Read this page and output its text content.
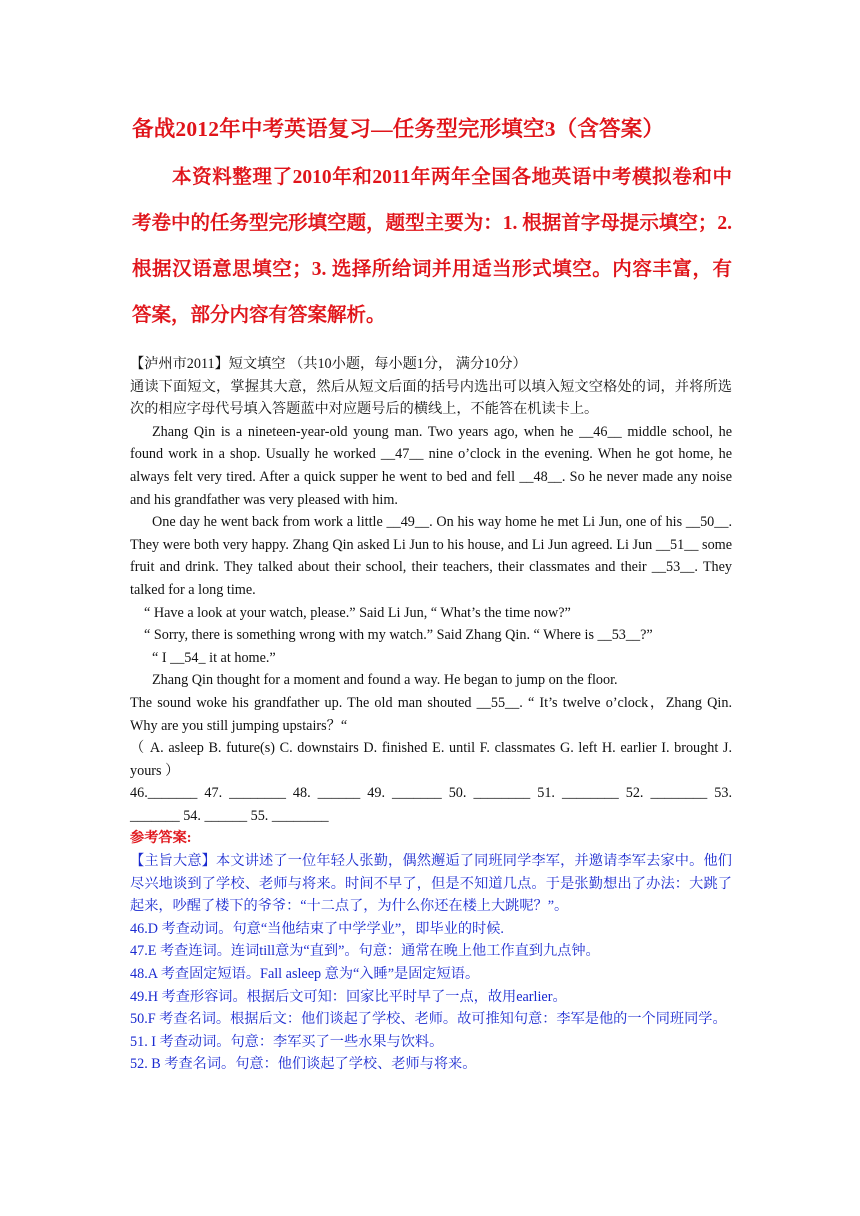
备战2012年中考英语复习—任务型完形填空3（含答案）
本资料整理了2010年和2011年两年全国各地英语中考模拟卷和中考卷中的任务型完形填空题，题型主要为：1. 根据首字母提示填空；2. 根据汉语意思填空；3. 选择所给词并用适当形式填空。内容丰富，有答案，部分内容有答案解析。

【泸州市2011】短文填空 （共10小题，每小题1分， 满分10分）

通读下面短文，掌握其大意，然后从短文后面的括号内选出可以填入短文空格处的词，并将所选次的相应字母代号填入答题蓝中对应题号后的横线上，不能答在机读卡上。

Zhang Qin is a nineteen-year-old young man. Two years ago, when he __46__ middle school, he found work in a shop. Usually he worked __47__ nine o’clock in the evening. When he got home, he always felt very tired. After a quick supper he went to bed and fell __48__. So he never made any noise and his grandfather was very pleased with him.

One day he went back from work a little __49__. On his way home he met Li Jun, one of his __50__. They were both very happy. Zhang Qin asked Li Jun to his house, and Li Jun agreed. Li Jun __51__ some fruit and drink. They talked about their school, their teachers, their classmates and their __53__. They talked for a long time.

“ Have a look at your watch, please.” Said Li Jun, “ What’s the time now?”

“ Sorry, there is something wrong with my watch.” Said Zhang Qin. “ Where is __53__?”

“ I __54_ it at home.”

Zhang Qin thought for a moment and found a way. He began to jump on the floor.

The sound woke his grandfather up. The old man shouted __55__. “ It’s twelve o’clock，Zhang Qin. Why are you still jumping upstairs？“

（ A. asleep B. future(s) C. downstairs D. finished E. until F. classmates G. left H. earlier I. brought J. yours ）

46._______ 47. ________ 48. ______ 49. _______ 50. ________ 51. ________ 52. ________ 53. _______ 54. ______ 55. ________

参考答案:

【主旨大意】本文讲述了一位年轻人张勤，偶然邂逅了同班同学李军，并邀请李军去家中。他们尽兴地谈到了学校、老师与将来。时间不早了，但是不知道几点。于是张勤想出了办法：大跳了起来，吵醒了楼下的爷爷：“十二点了，为什么你还在楼上大跳呢？”。

46.D 考查动词。句意“当他结束了中学学业”，即毕业的时候.

47.E 考查连词。连词till意为“直到”。句意：通常在晚上他工作直到九点钟。

48.A 考查固定短语。Fall asleep 意为“入睡”是固定短语。

49.H 考查形容词。根据后文可知：回家比平时早了一点，故用earlier。

50.F 考查名词。根据后文：他们谈起了学校、老师。故可推知句意：李军是他的一个同班同学。

51. I 考查动词。句意：李军买了一些水果与饮料。

52. B 考查名词。句意：他们谈起了学校、老师与将来。
